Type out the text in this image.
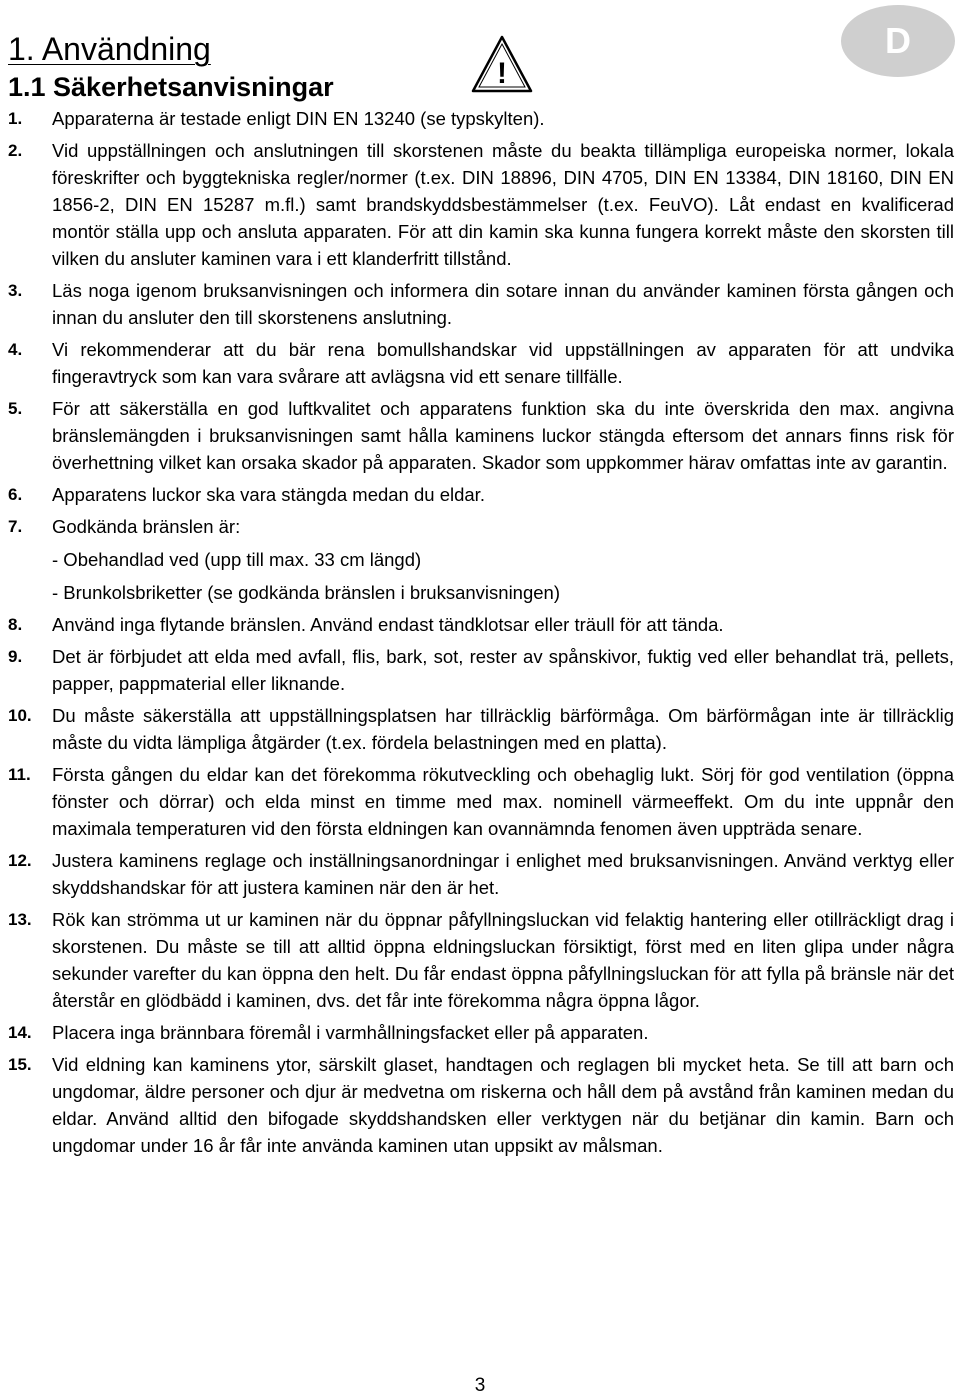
1. Användning
1.1 Säkerhetsanvisningar	!
D
1.	Apparaterna är testade enligt DIN EN 13240 (se typskylten).
2.	Vid uppställningen och anslutningen till skorstenen måste du beakta tillämpliga europeiska normer, lokala föreskrifter och byggtekniska regler/normer (t.ex. DIN 18896, DIN 4705, DIN EN 13384, DIN 18160, DIN EN 1856-2, DIN EN 15287 m.fl.) samt brandskyddsbestämmelser (t.ex. FeuVO). Låt endast en kvalificerad montör ställa upp och ansluta apparaten. För att din kamin ska kunna fungera korrekt måste den skorsten till vilken du ansluter kaminen vara i ett klanderfritt tillstånd.
3.	Läs noga igenom bruksanvisningen och informera din sotare innan du använder kaminen första gången och innan du ansluter den till skorstenens anslutning.
4.	Vi rekommenderar att du bär rena bomullshandskar vid uppställningen av apparaten för att undvika fingeravtryck som kan vara svårare att avlägsna vid ett senare tillfälle.
5.	För att säkerställa en god luftkvalitet och apparatens funktion ska du inte överskrida den max. angivna bränslemängden i bruksanvisningen samt hålla kaminens luckor stängda eftersom det annars finns risk för överhettning vilket kan orsaka skador på apparaten. Skador som uppkommer härav omfattas inte av garantin.
6.	Apparatens luckor ska vara stängda medan du eldar.
7.	Godkända bränslen är:
- Obehandlad ved (upp till max. 33 cm längd)
- Brunkolsbriketter (se godkända bränslen i bruksanvisningen)
8.	Använd inga flytande bränslen. Använd endast tändklotsar eller träull för att tända.
9.	Det är förbjudet att elda med avfall, flis, bark, sot, rester av spånskivor, fuktig ved eller behandlat trä, pellets, papper, pappmaterial eller liknande.
10.	Du måste säkerställa att uppställningsplatsen har tillräcklig bärförmåga. Om bärförmågan inte är tillräcklig måste du vidta lämpliga åtgärder (t.ex. fördela belastningen med en platta).
11.	Första gången du eldar kan det förekomma rökutveckling och obehaglig lukt. Sörj för god ventilation (öppna fönster och dörrar) och elda minst en timme med max. nominell värmeeffekt. Om du inte uppnår den maximala temperaturen vid den första eldningen kan ovannämnda fenomen även uppträda senare.
12.	Justera kaminens reglage och inställningsanordningar i enlighet med bruksanvisningen. Använd verktyg eller skyddshandskar för att justera kaminen när den är het.
13.	Rök kan strömma ut ur kaminen när du öppnar påfyllningsluckan vid felaktig hantering eller otillräckligt drag i skorstenen. Du måste se till att alltid öppna eldningsluckan försiktigt, först med en liten glipa under några sekunder varefter du kan öppna den helt. Du får endast öppna påfyllningsluckan för att fylla på bränsle när det återstår en glödbädd i kaminen, dvs. det får inte förekomma några öppna lågor.
14.	Placera inga brännbara föremål i varmhållningsfacket eller på apparaten.
15.	Vid eldning kan kaminens ytor, särskilt glaset, handtagen och reglagen bli mycket heta. Se till att barn och ungdomar, äldre personer och djur är medvetna om riskerna och håll dem på avstånd från kaminen medan du eldar. Använd alltid den bifogade skyddshandsken eller verktygen när du betjänar din kamin. Barn och ungdomar under 16 år får inte använda kaminen utan uppsikt av målsman.
3
